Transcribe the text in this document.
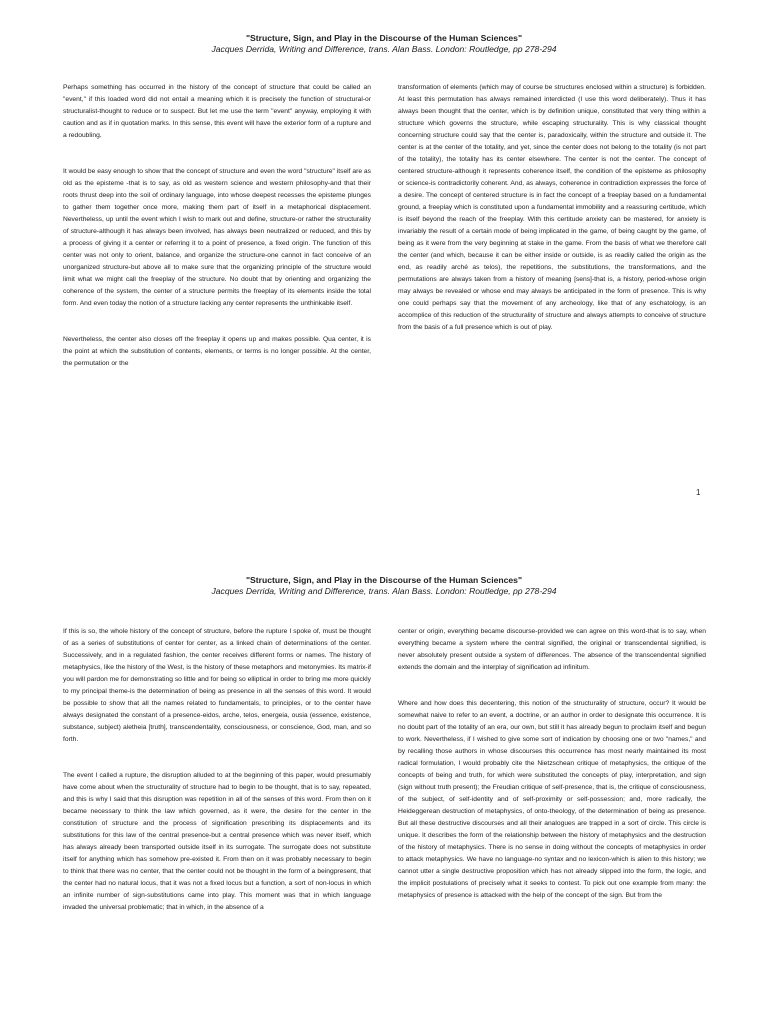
"Structure, Sign, and Play in the Discourse of the Human Sciences"
Jacques Derrida, Writing and Difference, trans. Alan Bass. London: Routledge, pp 278-294

Perhaps something has occurred in the history of the concept of structure that could be called an "event," if this loaded word did not entail a meaning which it is precisely the function of structural-or structuralist-thought to reduce or to suspect. But let me use the term "event" anyway, employing it with caution and as if in quotation marks. In this sense, this event will have the exterior form of a rupture and a redoubling.

It would be easy enough to show that the concept of structure and even the word "structure" itself are as old as the episteme -that is to say, as old as western science and western philosophy-and that their roots thrust deep into the soil of ordinary language, into whose deepest recesses the episteme plunges to gather them together once more, making them part of itself in a metaphorical displacement. Nevertheless, up until the event which I wish to mark out and define, structure-or rather the structurality of structure-although it has always been involved, has always been neutralized or reduced, and this by a process of giving it a center or referring it to a point of presence, a fixed origin. The function of this center was not only to orient, balance, and organize the structure-one cannot in fact conceive of an unorganized structure-but above all to make sure that the organizing principle of the structure would limit what we might call the freeplay of the structure. No doubt that by orienting and organizing the coherence of the system, the center of a structure permits the freeplay of its elements inside the total form. And even today the notion of a structure lacking any center represents the unthinkable itself.

Nevertheless, the center also closes off the freeplay it opens up and makes possible. Qua center, it is the point at which the substitution of contents, elements, or terms is no longer possible. At the center, the permutation or the

transformation of elements (which may of course be structures enclosed within a structure) is forbidden. At least this permutation has always remained interdicted (I use this word deliberately). Thus it has always been thought that the center, which is by definition unique, constituted that very thing within a structure which governs the structure, while escaping structurality. This is why classical thought concerning structure could say that the center is, paradoxically, within the structure and outside it. The center is at the center of the totality, and yet, since the center does not belong to the totality (is not part of the totality), the totality has its center elsewhere. The center is not the center. The concept of centered structure-although it represents coherence itself, the condition of the episteme as philosophy or science-is contradictorily coherent. And, as always, coherence in contradiction expresses the force of a desire. The concept of centered structure is in fact the concept of a freeplay based on a fundamental ground, a freeplay which is constituted upon a fundamental immobility and a reassuring certitude, which is itself beyond the reach of the freeplay. With this certitude anxiety can be mastered, for anxiety is invariably the result of a certain mode of being implicated in the game, of being caught by the game, of being as it were from the very beginning at stake in the game. From the basis of what we therefore call the center (and which, because it can be either inside or outside, is as readily called the origin as the end, as readily arché as telos), the repetitions, the substitutions, the transformations, and the permutations are always taken from a history of meaning [sens]-that is, a history, period-whose origin may always be revealed or whose end may always be anticipated in the form of presence. This is why one could perhaps say that the movement of any archeology, like that of any eschatology, is an accomplice of this reduction of the structurality of structure and always attempts to conceive of structure from the basis of a full presence which is out of play.

1
"Structure, Sign, and Play in the Discourse of the Human Sciences"
Jacques Derrida, Writing and Difference, trans. Alan Bass. London: Routledge, pp 278-294

If this is so, the whole history of the concept of structure, before the rupture I spoke of, must be thought of as a series of substitutions of center for center, as a linked chain of determinations of the center. Successively, and in a regulated fashion, the center receives different forms or names. The history of metaphysics, like the history of the West, is the history of these metaphors and metonymies. Its matrix-if you will pardon me for demonstrating so little and for being so elliptical in order to bring me more quickly to my principal theme-is the determination of being as presence in all the senses of this word. It would be possible to show that all the names related to fundamentals, to principles, or to the center have always designated the constant of a presence-eidos, arche, telos, energeia, ousia (essence, existence, substance, subject) aletheia [truth], transcendentality, consciousness, or conscience, God, man, and so forth.

The event I called a rupture, the disruption alluded to at the beginning of this paper, would presumably have come about when the structurality of structure had to begin to be thought, that is to say, repeated, and this is why I said that this disruption was repetition in all of the senses of this word. From then on it became necessary to think the law which governed, as it were, the desire for the center in the constitution of structure and the process of signification prescribing its displacements and its substitutions for this law of the central presence-but a central presence which was never itself, which has always already been transported outside itself in its surrogate. The surrogate does not substitute itself for anything which has somehow pre-existed it. From then on it was probably necessary to begin to think that there was no center, that the center could not be thought in the form of a beingpresent, that the center had no natural locus, that it was not a fixed locus but a function, a sort of non-locus in which an infinite number of sign-substitutions came into play. This moment was that in which language invaded the universal problematic; that in which, in the absence of a

center or origin, everything became discourse-provided we can agree on this word-that is to say, when everything became a system where the central signified, the original or transcendental signified, is never absolutely present outside a system of differences. The absence of the transcendental signified extends the domain and the interplay of signification ad infinitum.

Where and how does this decentering, this notion of the structurality of structure, occur? It would be somewhat naive to refer to an event, a doctrine, or an author in order to designate this occurrence. It is no doubt part of the totality of an era, our own, but still it has already begun to proclaim itself and begun to work. Nevertheless, if I wished to give some sort of indication by choosing one or two "names," and by recalling those authors in whose discourses this occurrence has most nearly maintained its most radical formulation, I would probably cite the Nietzschean critique of metaphysics, the critique of the concepts of being and truth, for which were substituted the concepts of play, interpretation, and sign (sign without truth present); the Freudian critique of self-presence, that is, the critique of consciousness, of the subject, of self-identity and of self-proximity or self-possession; and, more radically, the Heideggerean destruction of metaphysics, of onto-theology, of the determination of being as presence. But all these destructive discourses and all their analogues are trapped in a sort of circle. This circle is unique. It describes the form of the relationship between the history of metaphysics and the destruction of the history of metaphysics. There is no sense in doing without the concepts of metaphysics in order to attack metaphysics. We have no language-no syntax and no lexicon-which is alien to this history; we cannot utter a single destructive proposition which has not already slipped into the form, the logic, and the implicit postulations of precisely what it seeks to contest. To pick out one example from many: the metaphysics of presence is attacked with the help of the concept of the sign. But from the
